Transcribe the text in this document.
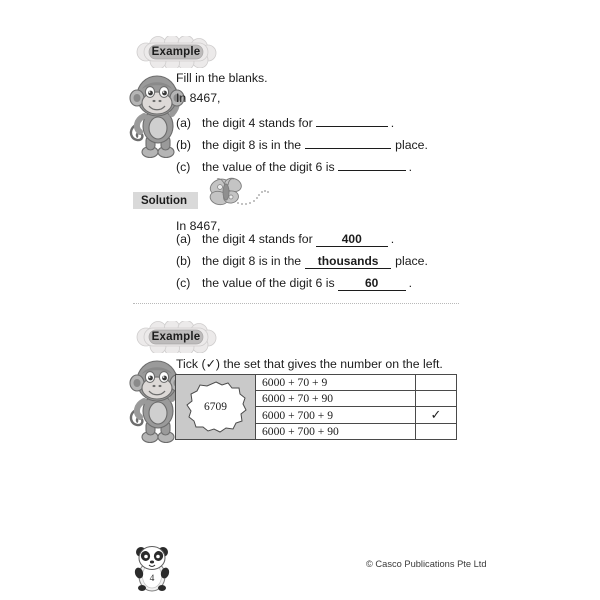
Example
Fill in the blanks.
In 8467,
(a) the digit 4 stands for	.
(b) the digit 8 is in the	place.
(c) the value of the digit 6 is	.
Solution
In 8467,
(a) the digit 4 stands for	400	.
(b) the digit 8 is in the	thousands	place.
(c) the value of the digit 6 is	60	.
Example
Tick (✓) the set that gives the number on the left.
6709	6000 + 70 + 9	
	6000 + 70 + 90	
	6000 + 700 + 9	✓
	6000 + 700 + 90	
4
© Casco Publications Pte Ltd
